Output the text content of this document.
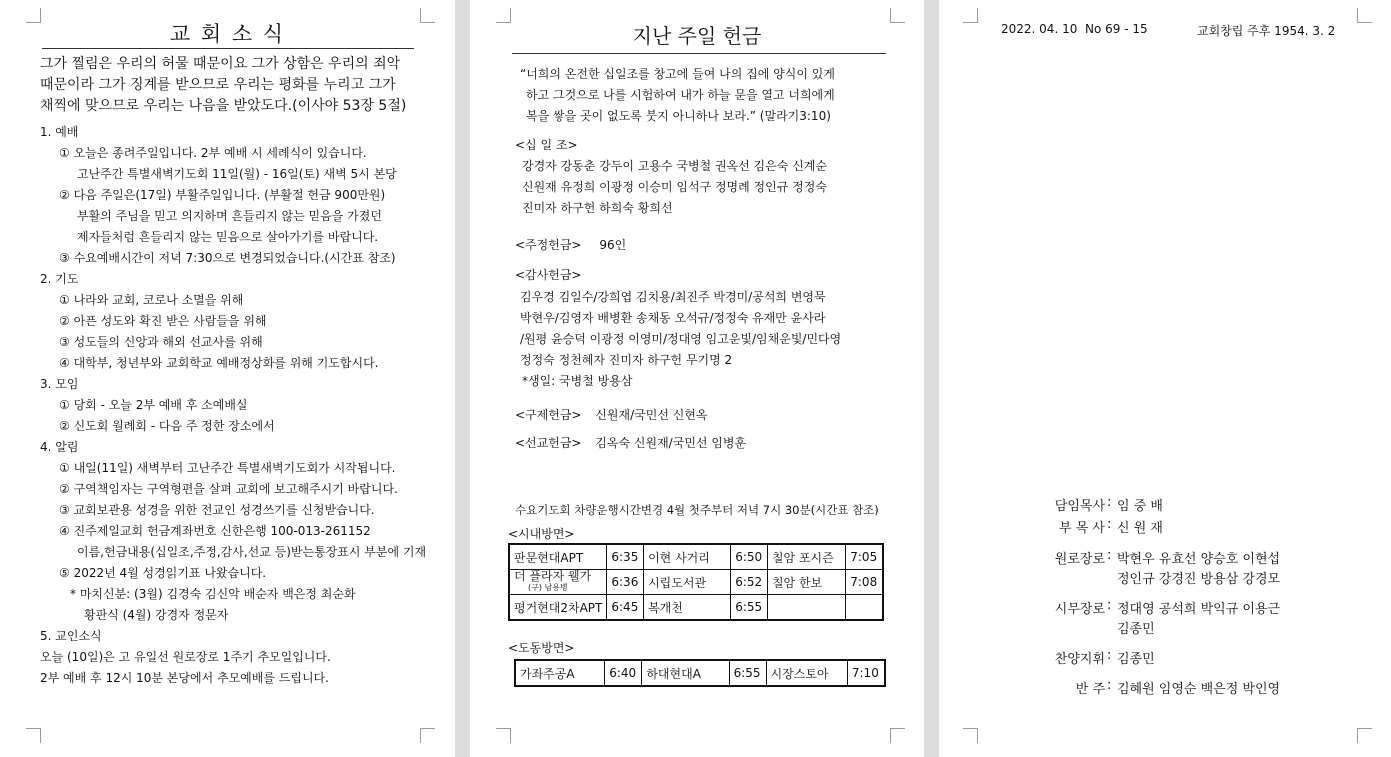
교 회 소 식
그가 찔림은 우리의 허물 때문이요 그가 상함은 우리의 죄악
때문이라 그가 징계를 받으므로 우리는 평화를 누리고 그가
채찍에 맞으므로 우리는 나음을 받았도다.(이사야 53장 5절)
1. 예배
① 오늘은 종려주일입니다. 2부 예배 시 세례식이 있습니다.
고난주간 특별새벽기도회 11일(월) - 16일(토) 새벽 5시 본당
② 다음 주일은(17일) 부활주일입니다. (부활절 헌금 900만원)
부활의 주님을 믿고 의지하며 흔들리지 않는 믿음을 가졌던
제자들처럼 흔들리지 않는 믿음으로 살아가기를 바랍니다.
③ 수요예배시간이 저녁 7:30으로 변경되었습니다.(시간표 참조)
2. 기도
① 나라와 교회, 코로나 소멸을 위해
② 아픈 성도와 확진 받은 사람들을 위해
③ 성도들의 신앙과 해외 선교사를 위해
④ 대학부, 청년부와 교회학교 예배정상화를 위해 기도합시다.
3. 모임
① 당회 - 오늘 2부 예배 후 소예배실
② 신도회 월례회 - 다음 주 정한 장소에서
4. 알림
① 내일(11일) 새벽부터 고난주간 특별새벽기도회가 시작됩니다.
② 구역책임자는 구역형편을 살펴 교회에 보고해주시기 바랍니다.
③ 교회보관용 성경을 위한 전교인 성경쓰기를 신청받습니다.
④ 진주제일교회 헌금계좌번호 신한은행 100-013-261152
이름,헌금내용(십일조,주정,감사,선교 등)받는통장표시 부분에 기재
⑤ 2022년 4월 성경읽기표 나왔습니다.
* 마치신분: (3월) 김경숙 김신악 배순자 백은정 최순화
황판식 (4월) 강경자 정문자
5. 교인소식
오늘 (10일)은 고 유일선 원로장로 1주기 추모일입니다.
2부 예배 후 12시 10분 본당에서 추모예배를 드립니다.
지난 주일 헌금
“너희의 온전한 십일조를 창고에 들여 나의 집에 양식이 있게
하고 그것으로 나를 시험하여 내가 하늘 문을 열고 너희에게
복을 쌓을 곳이 없도록 붓지 아니하나 보라.” (말라기3:10)
<십 일 조>
강경자 강동춘 강두이 고용수 국병철 권옥선 김은숙 신계순
신원재 유정희 이광정 이승미 임석구 정명례 정인규 정정숙
진미자 하구헌 하희숙 황희선
<주정헌금> 96인
<감사헌금>
김우경 김일수/강희엽 김치용/최진주 박경미/공석희 변영묵
박현우/김영자 배병환 송채동 오석규/정정숙 유재만 윤사라
/원평 윤승덕 이광정 이영미/정대영 임고운빛/임채운빛/민다영
정정숙 정천혜자 진미자 하구헌 무기명 2
*생일: 국병철 방용삼
<구제헌금> 신원재/국민선 신현옥
<선교헌금> 김옥숙 신원재/국민선 임병훈
수요기도회 차량운행시간변경 4월 첫주부터 저녁 7시 30분(시간표 참조)
<시내방면>
판문현대APT	6:35	이현 사거리	6:50	칠암 포시즌	7:05

더 플라자 웰가
(구) 남용병	6:36	시립도서관	6:52	칠암 한보	7:08
평거현대2차APT	6:45	복개천	6:55		
<도동방면>
가좌주공A	6:40	하대현대A	6:55	시장스토아	7:10
2022. 04. 10 No 69 - 15	교회창립 주후 1954. 3. 2
담임목사 : 임 중 배
부 목 사 : 신 원 재
원로장로 : 박현우 유효선 양승호 이현섭
정인규 강경진 방용삼 강경모
시무장로 : 정대영 공석희 박익규 이용근
김종민
찬양지휘 : 김종민
반 주 : 김혜원 임영순 백은정 박인영
